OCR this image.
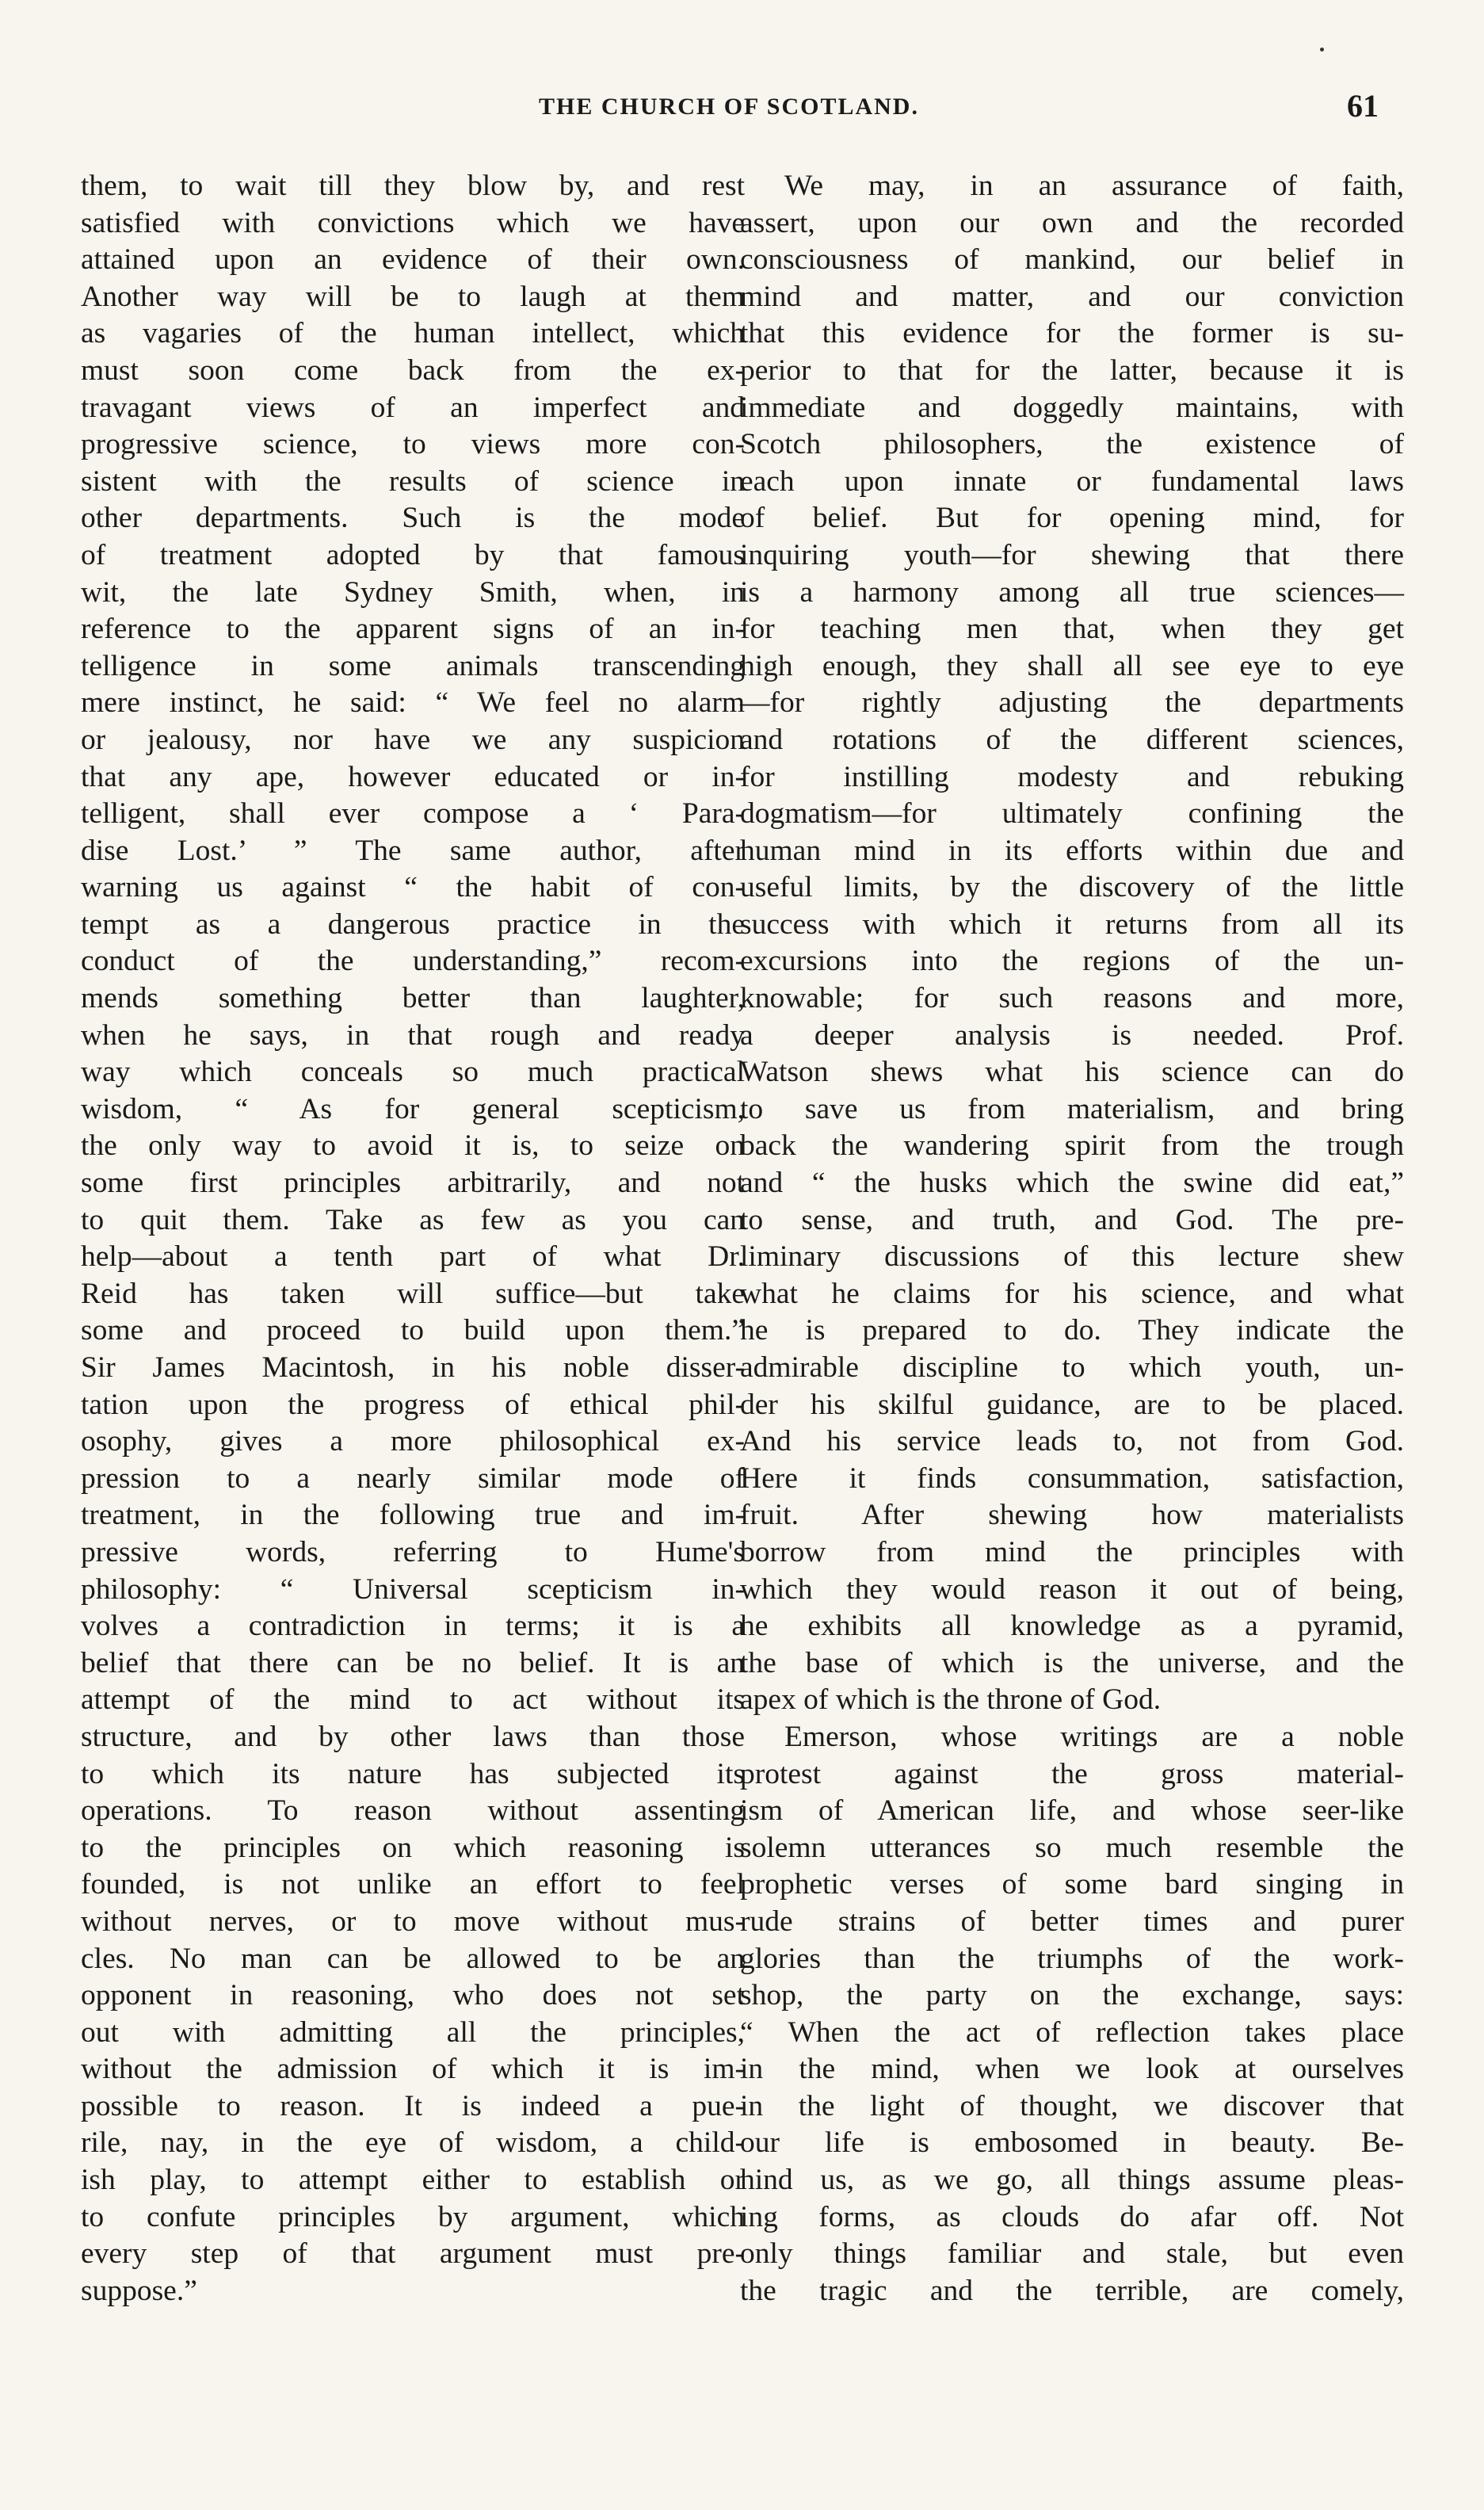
THE CHURCH OF SCOTLAND.	61
them, to wait till they blow by, and rest
satisfied with convictions which we have
attained upon an evidence of their own.
Another way will be to laugh at them
as vagaries of the human intellect, which
must soon come back from the ex-
travagant views of an imperfect and
progressive science, to views more con-
sistent with the results of science in
other departments. Such is the mode
of treatment adopted by that famous
wit, the late Sydney Smith, when, in
reference to the apparent signs of an in-
telligence in some animals transcending
mere instinct, he said: “ We feel no alarm
or jealousy, nor have we any suspicion
that any ape, however educated or in-
telligent, shall ever compose a ‘ Para-
dise Lost.’ ” The same author, after
warning us against “ the habit of con-
tempt as a dangerous practice in the
conduct of the understanding,” recom-
mends something better than laughter,
when he says, in that rough and ready
way which conceals so much practical
wisdom, “ As for general scepticism,
the only way to avoid it is, to seize on
some first principles arbitrarily, and not
to quit them. Take as few as you can
help—about a tenth part of what Dr.
Reid has taken will suffice—but take
some and proceed to build upon them.”
Sir James Macintosh, in his noble disser-
tation upon the progress of ethical phil-
osophy, gives a more philosophical ex-
pression to a nearly similar mode of
treatment, in the following true and im-
pressive words, referring to Hume's
philosophy: “ Universal scepticism in-
volves a contradiction in terms; it is a
belief that there can be no belief. It is an
attempt of the mind to act without its
structure, and by other laws than those
to which its nature has subjected its
operations. To reason without assenting
to the principles on which reasoning is
founded, is not unlike an effort to feel
without nerves, or to move without mus-
cles. No man can be allowed to be an
opponent in reasoning, who does not set
out with admitting all the principles,
without the admission of which it is im-
possible to reason. It is indeed a pue-
rile, nay, in the eye of wisdom, a child-
ish play, to attempt either to establish or
to confute principles by argument, which
every step of that argument must pre-
suppose.”
We may, in an assurance of faith,
assert, upon our own and the recorded
consciousness of mankind, our belief in
mind and matter, and our conviction
that this evidence for the former is su-
perior to that for the latter, because it is
immediate and doggedly maintains, with
Scotch philosophers, the existence of
each upon innate or fundamental laws
of belief. But for opening mind, for
inquiring youth—for shewing that there
is a harmony among all true sciences—
for teaching men that, when they get
high enough, they shall all see eye to eye
—for rightly adjusting the departments
and rotations of the different sciences,
for instilling modesty and rebuking
dogmatism—for ultimately confining the
human mind in its efforts within due and
useful limits, by the discovery of the little
success with which it returns from all its
excursions into the regions of the un-
knowable; for such reasons and more,
a deeper analysis is needed. Prof.
Watson shews what his science can do
to save us from materialism, and bring
back the wandering spirit from the trough
and “ the husks which the swine did eat,”
to sense, and truth, and God. The pre-
liminary discussions of this lecture shew
what he claims for his science, and what
he is prepared to do. They indicate the
admirable discipline to which youth, un-
der his skilful guidance, are to be placed.
And his service leads to, not from God.
Here it finds consummation, satisfaction,
fruit. After shewing how materialists
borrow from mind the principles with
which they would reason it out of being,
he exhibits all knowledge as a pyramid,
the base of which is the universe, and the
apex of which is the throne of God.
Emerson, whose writings are a noble
protest against the gross material-
ism of American life, and whose seer-like
solemn utterances so much resemble the
prophetic verses of some bard singing in
rude strains of better times and purer
glories than the triumphs of the work-
shop, the party on the exchange, says:
“ When the act of reflection takes place
in the mind, when we look at ourselves
in the light of thought, we discover that
our life is embosomed in beauty. Be-
hind us, as we go, all things assume pleas-
ing forms, as clouds do afar off. Not
only things familiar and stale, but even
the tragic and the terrible, are comely,
